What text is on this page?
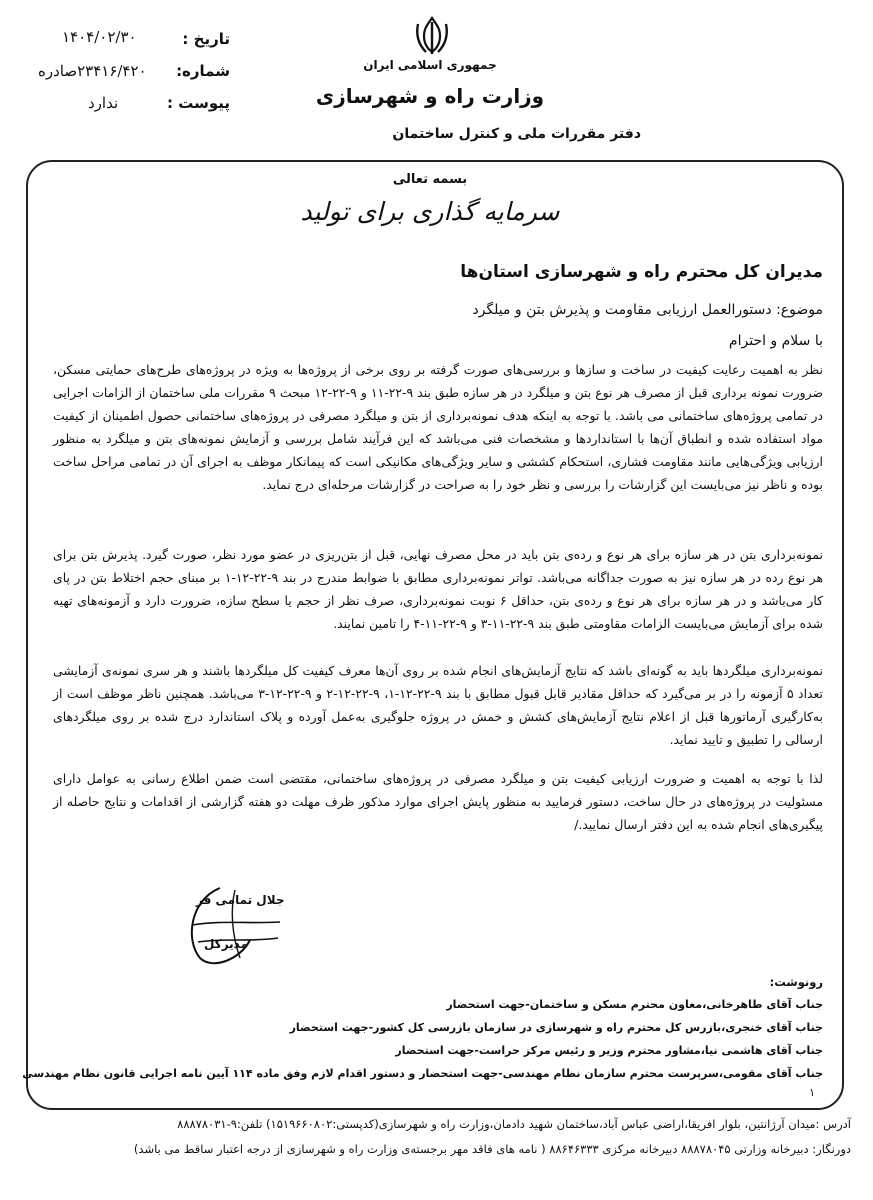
تاریخ :
۱۴۰۴/۰۲/۳۰
شماره:
۲۳۴۱۶/۴۲۰صادره
پیوست :
ندارد
جمهوری اسلامی ایران
وزارت راه و شهرسازی
دفتر مقررات ملی و کنترل ساختمان
بسمه تعالی
سرمایه گذاری برای تولید
مدیران کل محترم راه و شهرسازی استان‌ها
موضوع: دستورالعمل ارزیابی مقاومت و پذیرش بتن و میلگرد
با سلام و احترام

نظر به اهمیت رعایت کیفیت در ساخت و سازها و بررسی‌های صورت گرفته بر روی برخی از پروژه‌ها به ویژه در پروژه‌های طرح‌های حمایتی مسکن، ضرورت نمونه برداری قبل از مصرف هر نوع بتن و میلگرد در هر سازه طبق بند ۹-۲۲-۱۱ و ۹-۲۲-۱۲ مبحث ۹ مقررات ملی ساختمان از الزامات اجرایی در تمامی پروژه‌های ساختمانی می باشد. با توجه به اینکه هدف نمونه‌برداری از بتن و میلگرد مصرفی در پروژه‌های ساختمانی حصول اطمینان از کیفیت مواد استفاده شده و انطباق آن‌ها با استانداردها و مشخصات فنی می‌باشد که این فرآیند شامل بررسی و آزمایش نمونه‌های بتن و میلگرد به منظور ارزیابی ویژگی‌هایی مانند مقاومت فشاری، استحکام کششی و سایر ویژگی‌های مکانیکی است که پیمانکار موظف به اجرای آن در تمامی مراحل ساخت بوده و ناظر نیز می‌بایست این گزارشات را بررسی و نظر خود را به صراحت در گزارشات مرحله‌ای درج نماید.

نمونه‌برداری بتن در هر سازه برای هر نوع و رده‌ی بتن باید در محل مصرف نهایی، قبل از بتن‌ریزی در عضو مورد نظر، صورت گیرد. پذیرش بتن برای هر نوع رده در هر سازه نیز به صورت جداگانه می‌باشد. تواتر نمونه‌برداری مطابق با ضوابط مندرج در بند ۹-۲۲-۱۲-۱ بر مبنای حجم اختلاط بتن در پای کار می‌باشد و در هر سازه برای هر نوع و رده‌ی بتن، حداقل ۶ نوبت نمونه‌برداری، صرف نظر از حجم یا سطح سازه، ضرورت دارد و آزمونه‌های تهیه شده برای آزمایش می‌بایست الزامات مقاومتی طبق بند ۹-۲۲-۱۱-۳ و ۹-۲۲-۱۱-۴ را تامین نمایند.

نمونه‌برداری میلگردها باید به گونه‌ای باشد که نتایج آزمایش‌های انجام شده بر روی آن‌ها معرف کیفیت کل میلگردها باشند و هر سری نمونه‌ی آزمایشی تعداد ۵ آزمونه را در بر می‌گیرد که حداقل مقادیر قابل قبول مطابق با بند ۹-۲۲-۱۲-۱، ۹-۲۲-۱۲-۲ و ۹-۲۲-۱۲-۳ می‌باشد. همچنین ناظر موظف است از به‌کارگیری آرماتورها قبل از اعلام نتایج آزمایش‌های کشش و خمش در پروژه جلوگیری به‌عمل آورده و پلاک استاندارد درج شده بر روی میلگردهای ارسالی را تطبیق و تایید نماید.

لذا با توجه به اهمیت و ضرورت ارزیابی کیفیت بتن و میلگرد مصرفی در پروژه‌های ساختمانی، مقتضی است ضمن اطلاع رسانی به عوامل دارای مسئولیت در پروژه‌های در حال ساخت، دستور فرمایید به منظور پایش اجرای موارد مذکور ظرف مهلت دو هفته گزارشی از اقدامات و نتایج حاصله از پیگیری‌های انجام شده به این دفتر ارسال نمایید./

جلال تمامی فر
مدیرکل
رونوشت:
جناب آقای طاهرخانی،معاون محترم مسکن و ساختمان-جهت استحضار
جناب آقای خنجری،بازرس کل محترم راه و شهرسازی در سازمان بازرسی کل کشور-جهت استحضار
جناب آقای هاشمی نیا،مشاور محترم وزیر و رئیس مرکز حراست-جهت استحضار
جناب آقای مقومی،سرپرست محترم سازمان نظام مهندسی-جهت استحضار و دستور اقدام لازم وفق ماده ۱۱۴ آیین نامه اجرایی قانون نظام مهندسی
۱
آدرس :میدان آرژانتین، بلوار افریقا،اراضی عباس آباد،ساختمان شهید دادمان،وزارت راه و شهرسازی(کدپستی:۱۵۱۹۶۶۰۸۰۲) تلفن:۹-۸۸۸۷۸۰۳۱
دورنگار: دبیرخانه وزارتی ۸۸۸۷۸۰۴۵ دبیرخانه مرکزی ۸۸۶۴۶۳۳۳ ( نامه های فاقد مهر برجسته‌ی وزارت راه و شهرسازی از درجه اعتبار ساقط می باشد)
